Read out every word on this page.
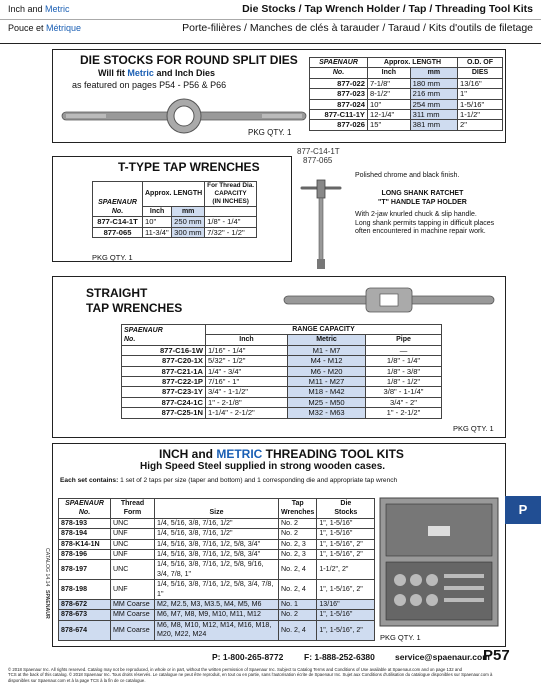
Inch and Metric
Pouce et Métrique
Die Stocks / Tap Wrench Holder / Tap / Threading Tool Kits
Porte-filières / Manches de clés à tarauder / Taraud / Kits d'outils de filetage
DIE STOCKS FOR ROUND SPLIT DIES
Will fit Metric and Inch Dies
as featured on pages P54 - P56 & P66
PKG QTY. 1
SPAENAUR	Approx. LENGTH		O.D. OF
No.	Inch	mm	DIES
877-022	7-1/8"	180 mm	13/16"
877-023	8-1/2"	216 mm	1"
877-024	10"	254 mm	1-5/16"
877-C11-1Y	12-1/4"	311 mm	1-1/2"
877-026	15"	381 mm	2"
877-C14-1T
877-065
T-TYPE TAP WRENCHES
SPAENAUR
No.	Approx. LENGTH		For Thread Dia.
CAPACITY
(IN INCHES)
	Inch	mm	
877-C14-1T	10"	250 mm	1/8" - 1/4"
877-065	11-3/4"	300 mm	7/32" - 1/2"
PKG QTY. 1
Polished chrome and black finish.
LONG SHANK RATCHET
"T" HANDLE TAP HOLDER
With 2-jaw knurled chuck & slip handle.
Long shank permits tapping in difficult places
often encountered in machine repair work.
STRAIGHT
TAP WRENCHES
SPAENAUR
No.	RANGE CAPACITY		
	Inch	Metric	Pipe
877-C16-1W	1/16" - 1/4"	M1 - M7	—
877-C20-1X	5/32" - 1/2"	M4 - M12	1/8" - 1/4"
877-C21-1A	1/4" - 3/4"	M6 - M20	1/8" - 3/8"
877-C22-1P	7/16" - 1"	M11 - M27	1/8" - 1/2"
877-C23-1Y	3/4" - 1-1/2"	M18 - M42	3/8" - 1-1/4"
877-C24-1C	1" - 2-1/8"	M25 - M50	3/4" - 2"
877-C25-1N	1-1/4" - 2-1/2"	M32 - M63	1" - 2-1/2"
PKG QTY. 1
INCH and METRIC THREADING TOOL KITS
High Speed Steel supplied in strong wooden cases.
Each set contains: 1 set of 2 taps per size (taper and bottom) and 1 corresponding die and appropriate tap wrench
SPAENAUR
No.	Thread
Form	Size	Tap
Wrenches	Die
Stocks
878-193	UNC	1/4, 5/16, 3/8, 7/16, 1/2"	No. 2	1", 1-5/16"
878-194	UNF	1/4, 5/16, 3/8, 7/16, 1/2"	No. 2	1", 1-5/16"
878-K14-1N	UNC	1/4, 5/16, 3/8, 7/16, 1/2, 5/8, 3/4"	No. 2, 3	1", 1-5/16", 2"
878-196	UNF	1/4, 5/16, 3/8, 7/16, 1/2, 5/8, 3/4"	No. 2, 3	1", 1-5/16", 2"
878-197	UNC	1/4, 5/16, 3/8, 7/16, 1/2, 5/8, 9/16, 3/4, 7/8, 1"	No. 2, 4	1-1/2", 2"
878-198	UNF	1/4, 5/16, 3/8, 7/16, 1/2, 5/8, 3/4, 7/8, 1"	No. 2, 4	1", 1-5/16", 2"
878-672	MM Coarse	M2, M2.5, M3, M3.5, M4, M5, M6	No. 1	13/16"
878-673	MM Coarse	M6, M7, M8, M9, M10, M11, M12	No. 2	1", 1-5/16"
878-674	MM Coarse	M6, M8, M10, M12, M14, M16, M18, M20, M22, M24	No. 2, 4	1", 1-5/16", 2"
PKG QTY. 1
P
CATALOG 14.14
SPAENAUR
P: 1-800-265-8772 F: 1-888-252-6380 service@spaenaur.com
P57
© 2018 Spaenaur Inc. All rights reserved. Catalog may not be reproduced, in whole or in part, without the written permission of Spaenaur Inc. Subject to Catalog Terms and Conditions of Use available at Spaenaur.com and on page 132 and
TCS at the back of this catalog. © 2018 Spaenaur Inc. Tous droits réservés. Le catalogue ne peut être reproduit, en tout ou en partie, sans l'autorisation écrite de Spaenaur Inc. Sujet aux Conditions d'utilisation du catalogue disponibles sur Spaenaur.com à
disponibles sur Spaenaur.com et à la page TCS à la fin de ce catalogue.
